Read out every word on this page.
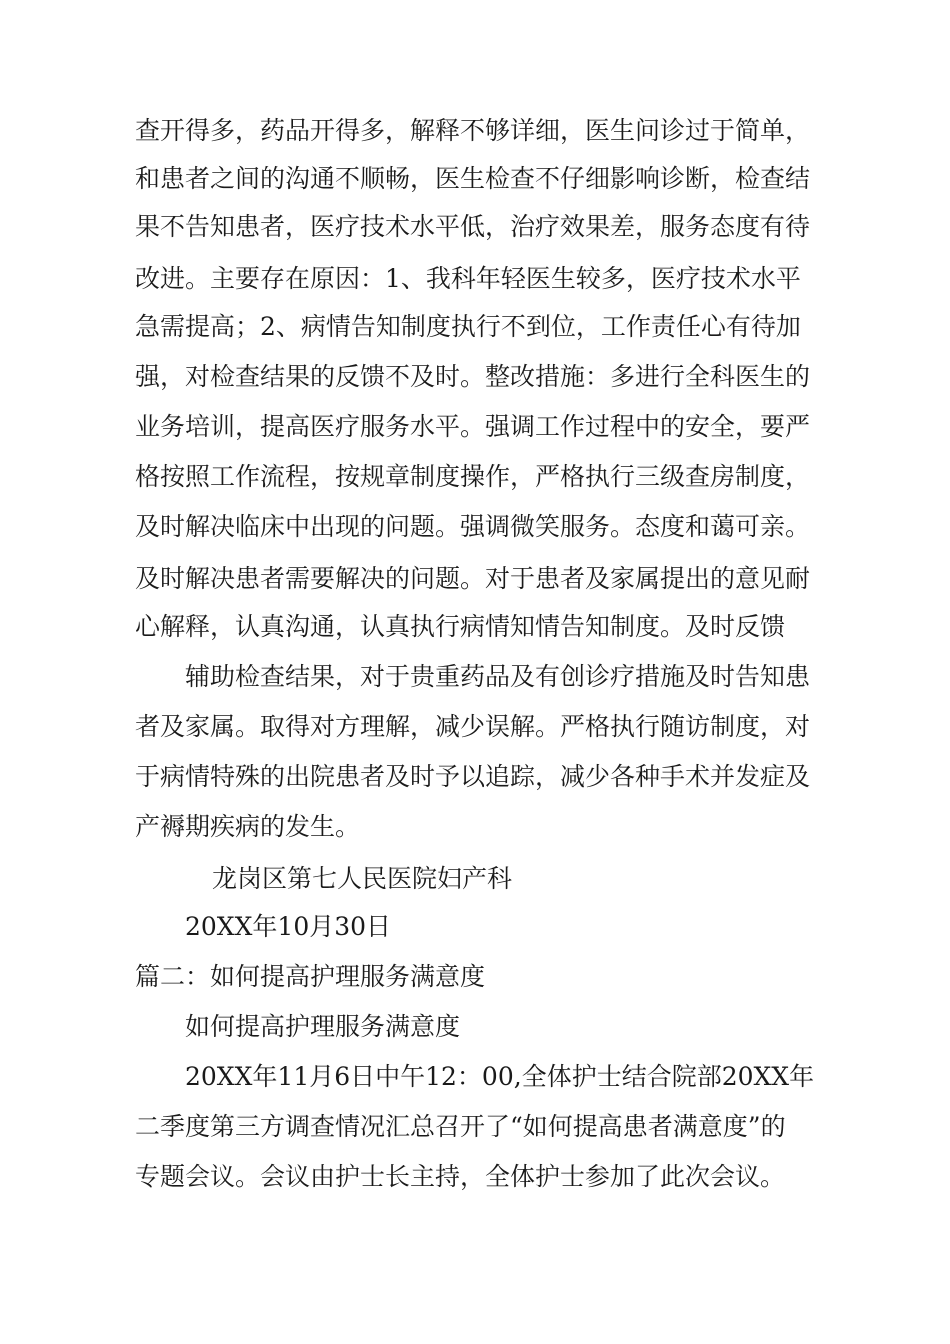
查开得多，药品开得多，解释不够详细，医生问诊过于简单，
和患者之间的沟通不顺畅，医生检查不仔细影响诊断，检查结
果不告知患者，医疗技术水平低，治疗效果差，服务态度有待
改进。主要存在原因：1、我科年轻医生较多，医疗技术水平
急需提高；2、病情告知制度执行不到位，工作责任心有待加
强，对检查结果的反馈不及时。整改措施：多进行全科医生的
业务培训，提高医疗服务水平。强调工作过程中的安全，要严
格按照工作流程，按规章制度操作，严格执行三级查房制度，
及时解决临床中出现的问题。强调微笑服务。态度和蔼可亲。
及时解决患者需要解决的问题。对于患者及家属提出的意见耐
心解释，认真沟通，认真执行病情知情告知制度。及时反馈
辅助检查结果，对于贵重药品及有创诊疗措施及时告知患
者及家属。取得对方理解，减少误解。严格执行随访制度，对
于病情特殊的出院患者及时予以追踪，减少各种手术并发症及
产褥期疾病的发生。
龙岗区第七人民医院妇产科
20XX年10月30日
篇二：如何提高护理服务满意度
如何提高护理服务满意度
20XX年11月6日中午12：00,全体护士结合院部20XX年
二季度第三方调查情况汇总召开了“如何提高患者满意度”的
专题会议。会议由护士长主持，全体护士参加了此次会议。
